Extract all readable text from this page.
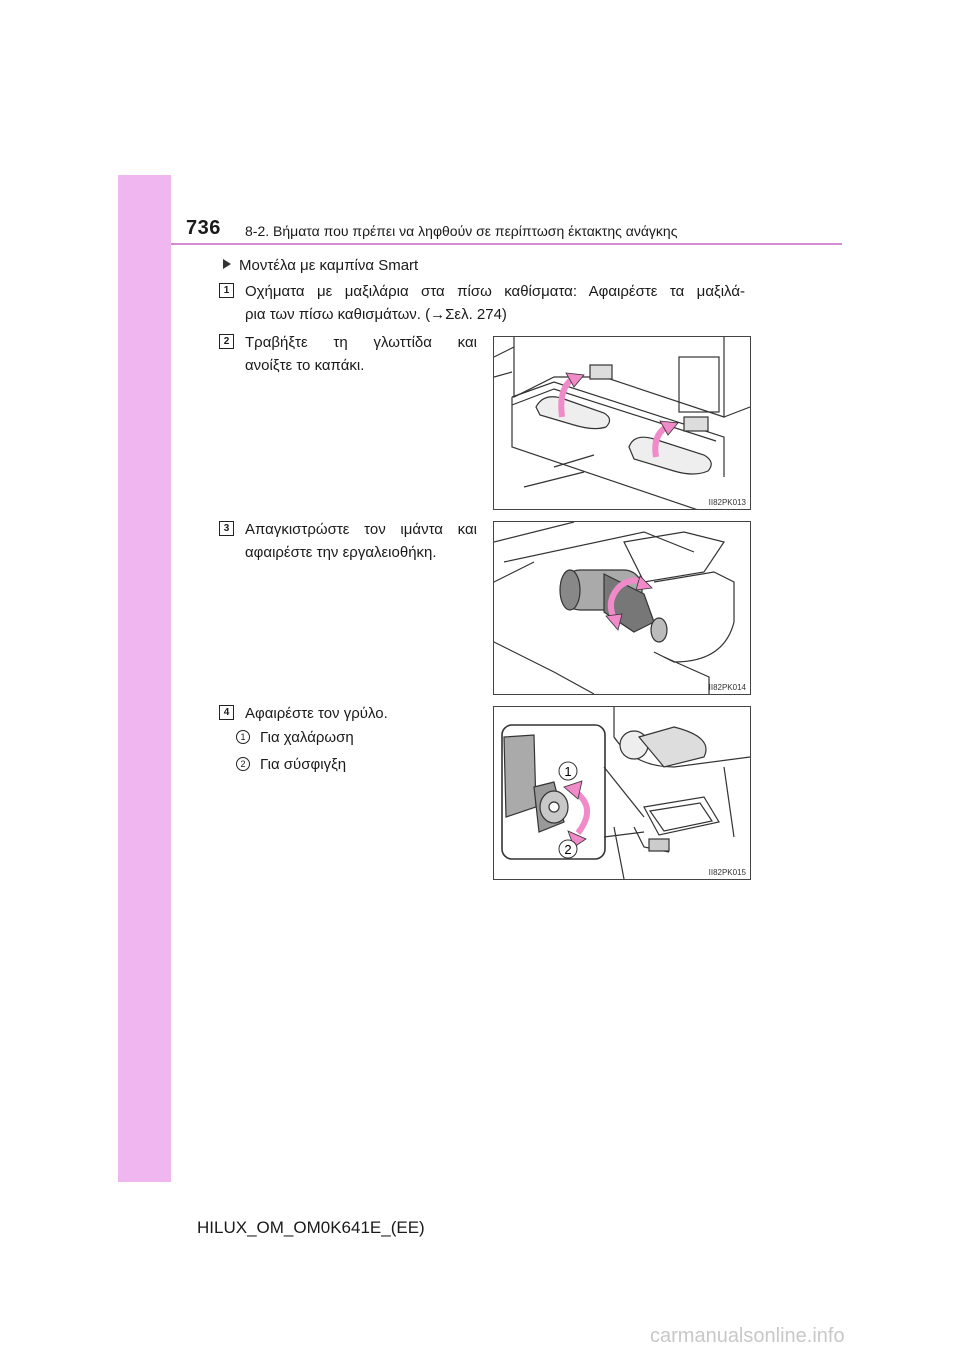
736 8-2. Βήματα που πρέπει να ληφθούν σε περίπτωση έκτακτης ανάγκης
Μοντέλα με καμπίνα Smart
1	Οχήματα με μαξιλάρια στα πίσω καθίσματα: Αφαιρέστε τα μαξιλά-
ρια των πίσω καθισμάτων. (→Σελ. 274)
2	Τραβήξτε τη γλωττίδα και
ανοίξτε το καπάκι.
II82PK013
3	Απαγκιστρώστε τον ιμάντα και
αφαιρέστε την εργαλειοθήκη.
II82PK014
4	Αφαιρέστε τον γρύλο.
1 Για χαλάρωση
2 Για σύσφιγξη	1
2
II82PK015
HILUX_OM_OM0K641E_(EE)
carmanualsonline.info
